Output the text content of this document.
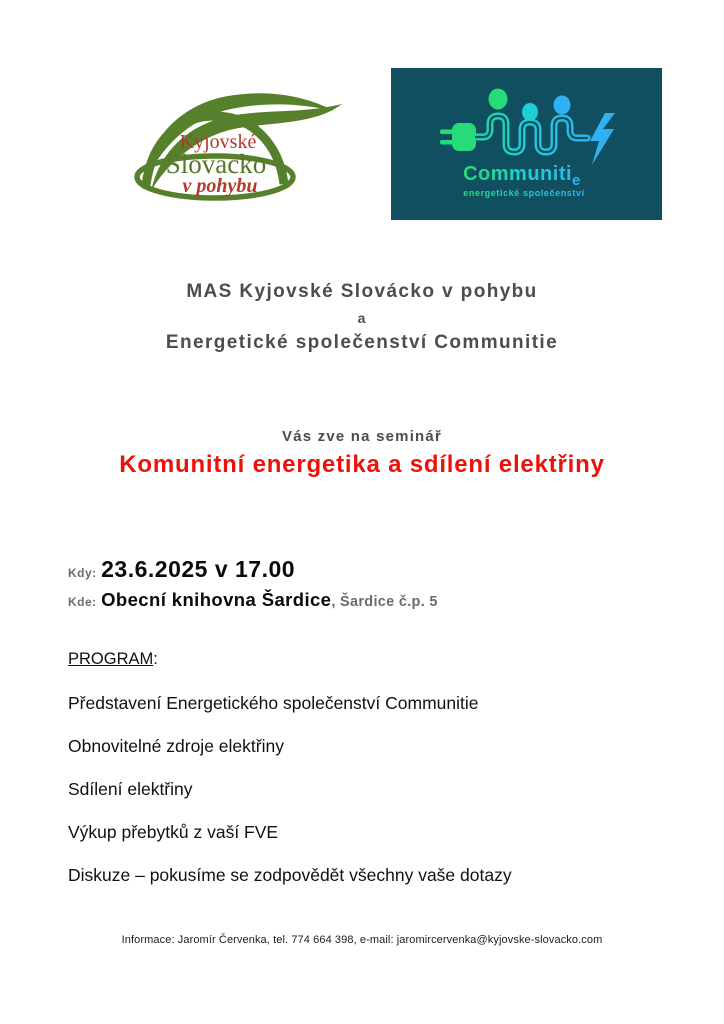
Kyjovské
Slovácko
v pohybu
Communiti$_e$
energetické společenství
MAS Kyjovské Slovácko v pohybu
a
Energetické společenství Communitie
Vás zve na seminář
Komunitní energetika a sdílení elektřiny
Kdy: 23.6.2025 v 17.00
Kde: Obecní knihovna Šardice, Šardice č.p. 5
PROGRAM:
Představení Energetického společenství Communitie
Obnovitelné zdroje elektřiny
Sdílení elektřiny
Výkup přebytků z vaší FVE
Diskuze – pokusíme se zodpovědět všechny vaše dotazy
Informace: Jaromír Červenka, tel. 774 664 398, e-mail: jaromircervenka@kyjovske-slovacko.com
